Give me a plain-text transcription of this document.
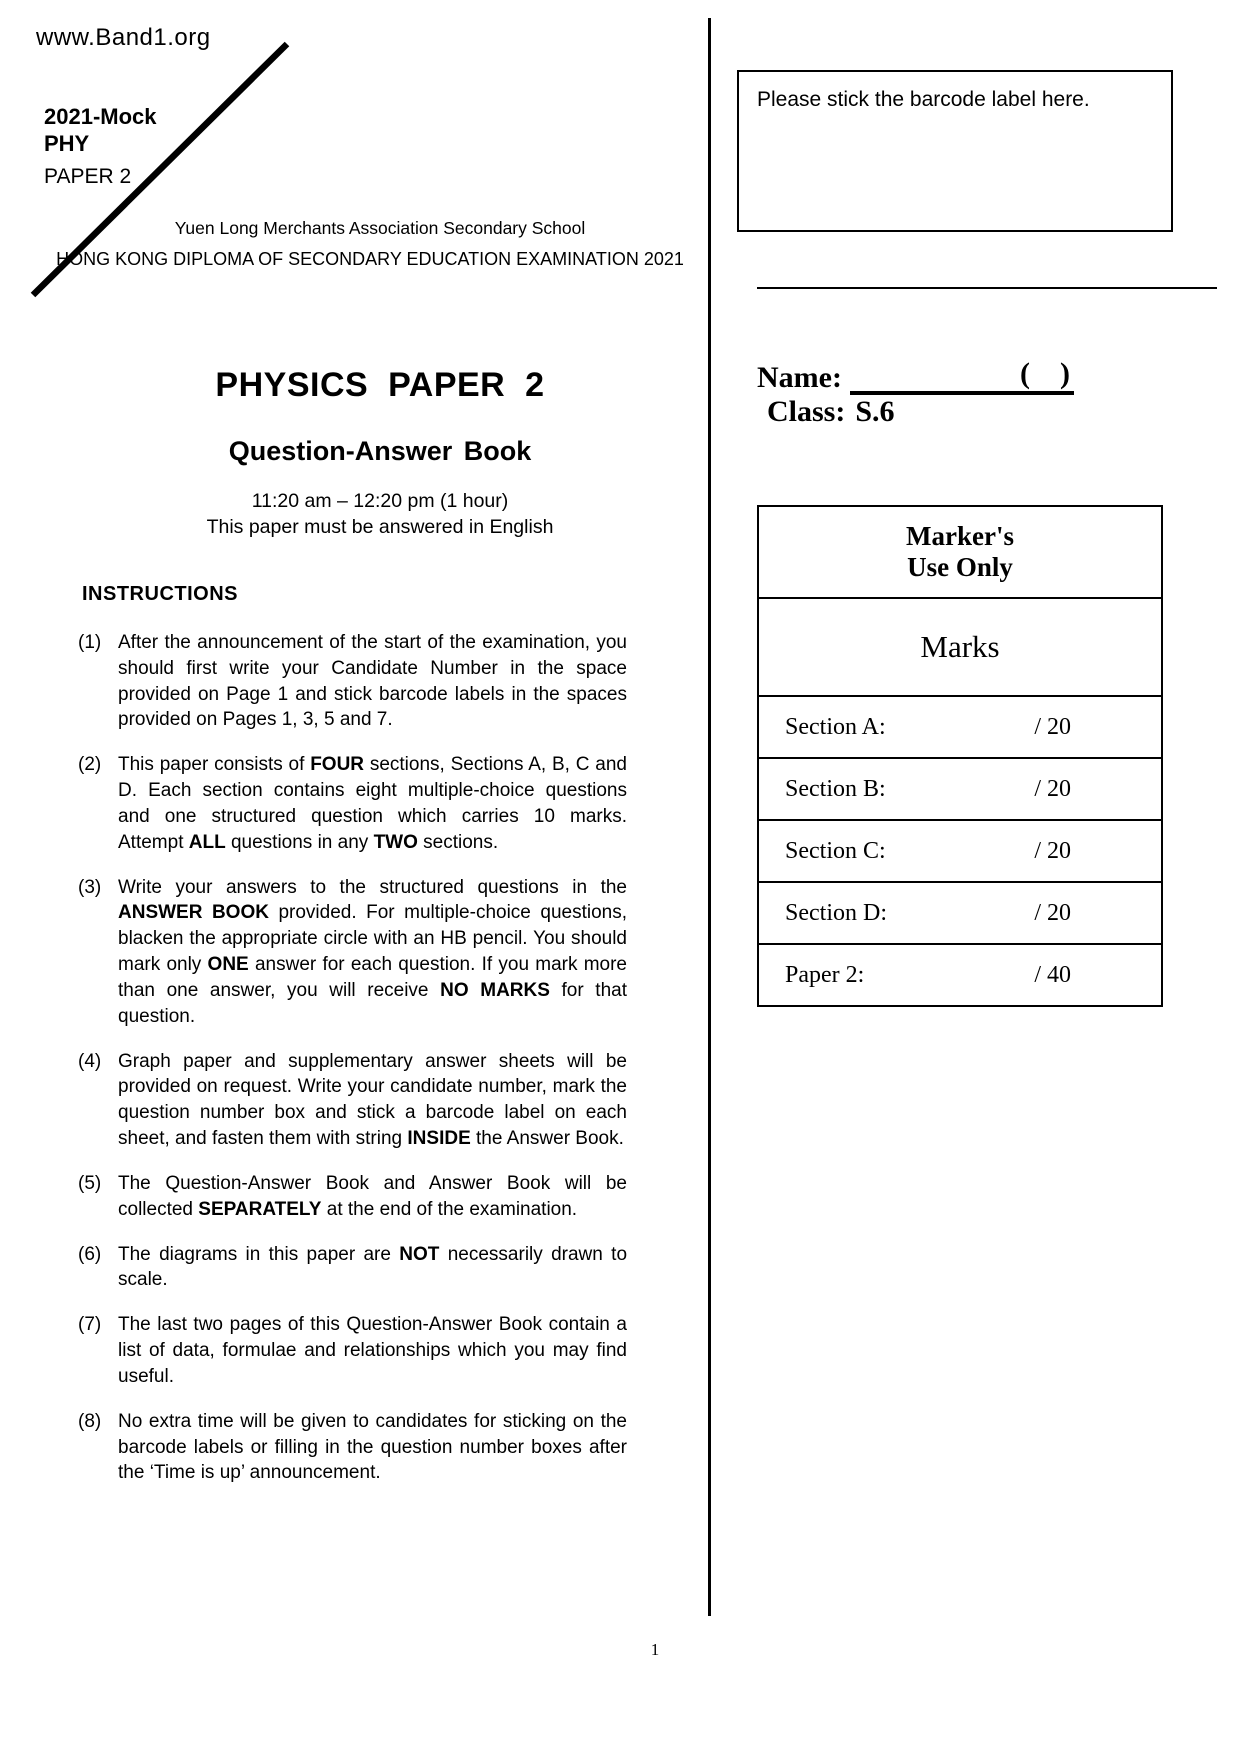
www.Band1.org
2021-Mock
PHY
PAPER 2
Yuen Long Merchants Association Secondary School
HONG KONG DIPLOMA OF SECONDARY EDUCATION EXAMINATION 2021
Please stick the barcode label here.
Name:	(    )
Class: S.6
PHYSICS PAPER 2
Question-Answer Book
11:20 am – 12:20 pm (1 hour)
This paper must be answered in English	Marker's
Use Only
Marks
Section A:	/ 20
Section B:	/ 20
Section C:	/ 20
Section D:	/ 20
Paper 2:	/ 40
INSTRUCTIONS
(1) After the announcement of the start of the examination, you should first write your Candidate Number in the space provided on Page 1 and stick barcode labels in the spaces provided on Pages 1, 3, 5 and 7.
(2) This paper consists of FOUR sections, Sections A, B, C and D. Each section contains eight multiple-choice questions and one structured question which carries 10 marks. Attempt ALL questions in any TWO sections.
(3) Write your answers to the structured questions in the ANSWER BOOK provided. For multiple-choice questions, blacken the appropriate circle with an HB pencil. You should mark only ONE answer for each question. If you mark more than one answer, you will receive NO MARKS for that question.
(4) Graph paper and supplementary answer sheets will be provided on request. Write your candidate number, mark the question number box and stick a barcode label on each sheet, and fasten them with string INSIDE the Answer Book.
(5) The Question-Answer Book and Answer Book will be collected SEPARATELY at the end of the examination.
(6) The diagrams in this paper are NOT necessarily drawn to scale.
(7) The last two pages of this Question-Answer Book contain a list of data, formulae and relationships which you may find useful.
(8) No extra time will be given to candidates for sticking on the barcode labels or filling in the question number boxes after the ‘Time is up’ announcement.
1
